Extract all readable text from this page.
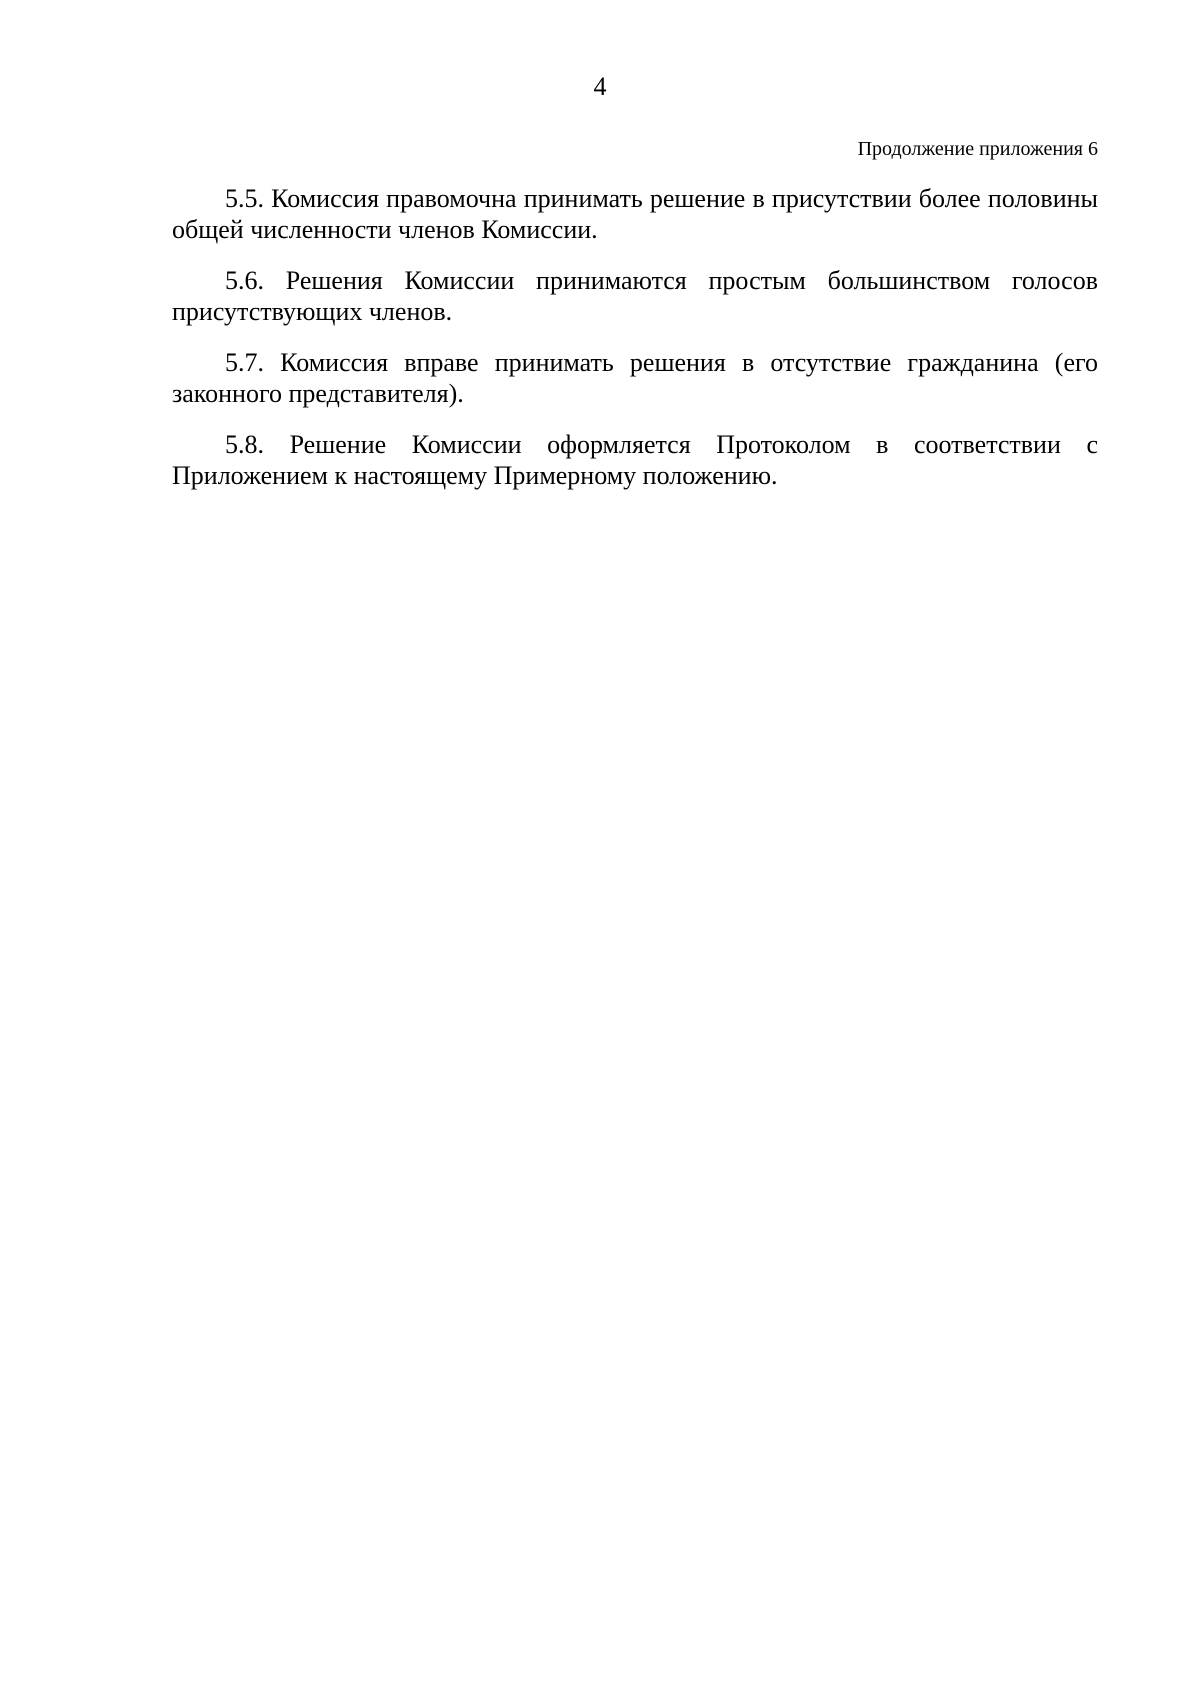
4
Продолжение приложения 6

5.5. Комиссия правомочна принимать решение в присутствии более половины общей численности членов Комиссии.

5.6. Решения Комиссии принимаются простым большинством голосов присутствующих членов.

5.7. Комиссия вправе принимать решения в отсутствие гражданина (его законного представителя).

5.8. Решение Комиссии оформляется Протоколом в соответствии с Приложением к настоящему Примерному положению.
